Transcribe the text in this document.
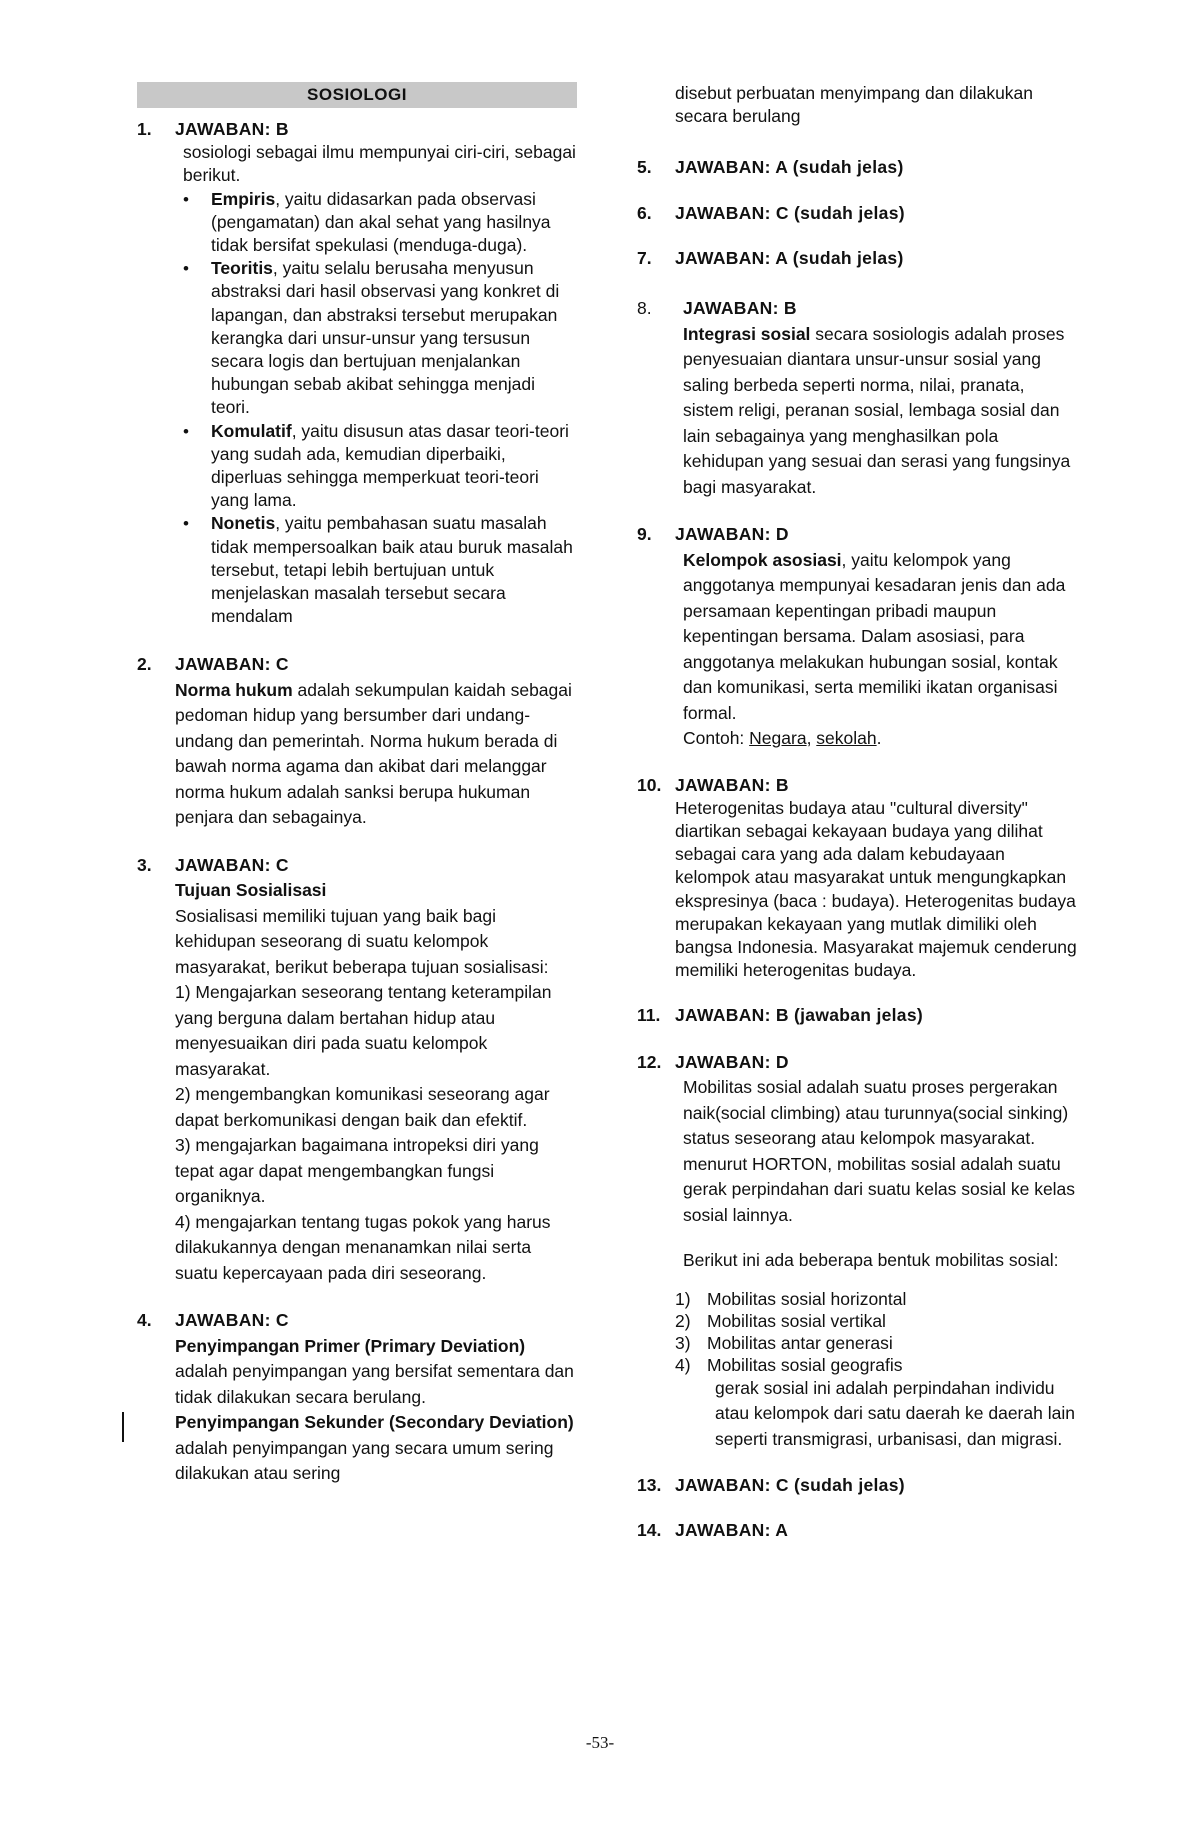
SOSIOLOGI
1. JAWABAN: B
sosiologi sebagai ilmu mempunyai ciri-ciri, sebagai berikut.
• Empiris, yaitu didasarkan pada observasi (pengamatan) dan akal sehat yang hasilnya tidak bersifat spekulasi (menduga-duga).
• Teoritis, yaitu selalu berusaha menyusun abstraksi dari hasil observasi yang konkret di lapangan, dan abstraksi tersebut merupakan kerangka dari unsur-unsur yang tersusun secara logis dan bertujuan menjalankan hubungan sebab akibat sehingga menjadi teori.
• Komulatif, yaitu disusun atas dasar teori-teori yang sudah ada, kemudian diperbaiki, diperluas sehingga memperkuat teori-teori yang lama.
• Nonetis, yaitu pembahasan suatu masalah tidak mempersoalkan baik atau buruk masalah tersebut, tetapi lebih bertujuan untuk menjelaskan masalah tersebut secara mendalam
2. JAWABAN: C
Norma hukum adalah sekumpulan kaidah sebagai pedoman hidup yang bersumber dari undang-undang dan pemerintah. Norma hukum berada di bawah norma agama dan akibat dari melanggar norma hukum adalah sanksi berupa hukuman penjara dan sebagainya.
3. JAWABAN: C
Tujuan Sosialisasi
Sosialisasi memiliki tujuan yang baik bagi kehidupan seseorang di suatu kelompok masyarakat, berikut beberapa tujuan sosialisasi:
1) Mengajarkan seseorang tentang keterampilan yang berguna dalam bertahan hidup atau menyesuaikan diri pada suatu kelompok masyarakat.
2) mengembangkan komunikasi seseorang agar dapat berkomunikasi dengan baik dan efektif.
3) mengajarkan bagaimana intropeksi diri yang tepat agar dapat mengembangkan fungsi organiknya.
4) mengajarkan tentang tugas pokok yang harus dilakukannya dengan menanamkan nilai serta suatu kepercayaan pada diri seseorang.
4. JAWABAN: C
Penyimpangan Primer (Primary Deviation) adalah penyimpangan yang bersifat sementara dan tidak dilakukan secara berulang.
Penyimpangan Sekunder (Secondary Deviation) adalah penyimpangan yang secara umum sering dilakukan atau sering
disebut perbuatan menyimpang dan dilakukan secara berulang
5. JAWABAN: A (sudah jelas)
6. JAWABAN: C (sudah jelas)
7. JAWABAN: A (sudah jelas)
8.	JAWABAN: B
Integrasi sosial secara sosiologis adalah proses penyesuaian diantara unsur-unsur sosial yang saling berbeda seperti norma, nilai, pranata, sistem religi, peranan sosial, lembaga sosial dan lain sebagainya yang menghasilkan pola kehidupan yang sesuai dan serasi yang fungsinya bagi masyarakat.
9. JAWABAN: D
Kelompok asosiasi, yaitu kelompok yang anggotanya mempunyai kesadaran jenis dan ada persamaan kepentingan pribadi maupun kepentingan bersama. Dalam asosiasi, para anggotanya melakukan hubungan sosial, kontak dan komunikasi, serta memiliki ikatan organisasi formal.
Contoh: Negara, sekolah.
10. JAWABAN: B
Heterogenitas budaya atau "cultural diversity" diartikan sebagai kekayaan budaya yang dilihat sebagai cara yang ada dalam kebudayaan kelompok atau masyarakat untuk mengungkapkan ekspresinya (baca : budaya). Heterogenitas budaya merupakan kekayaan yang mutlak dimiliki oleh bangsa Indonesia. Masyarakat majemuk cenderung memiliki heterogenitas budaya.
11. JAWABAN: B (jawaban jelas)
12. JAWABAN: D
Mobilitas sosial adalah suatu proses pergerakan naik(social climbing) atau turunnya(social sinking) status seseorang atau kelompok masyarakat.
menurut HORTON, mobilitas sosial adalah suatu gerak perpindahan dari suatu kelas sosial ke kelas sosial lainnya.
Berikut ini ada beberapa bentuk mobilitas sosial:
1) Mobilitas sosial horizontal
2) Mobilitas sosial vertikal
3) Mobilitas antar generasi
4) Mobilitas sosial geografis
gerak sosial ini adalah perpindahan individu atau kelompok dari satu daerah ke daerah lain seperti transmigrasi, urbanisasi, dan migrasi.
13. JAWABAN: C (sudah jelas)
14. JAWABAN: A
-53-
